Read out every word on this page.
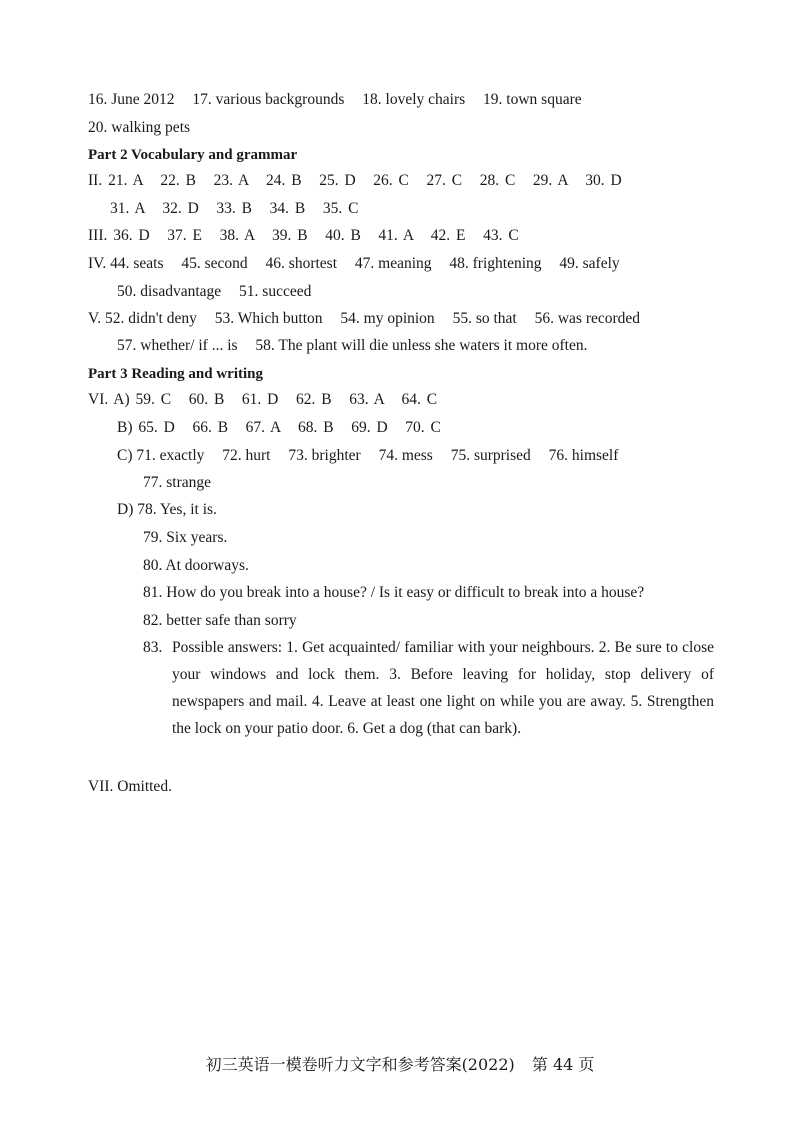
16. June 2012 17. various backgrounds 18. lovely chairs 19. town square
20. walking pets
Part 2 Vocabulary and grammar
II. 21. A   22. B   23. A   24. B   25. D   26. C   27. C   28. C   29. A   30. D
31. A   32. D   33. B   34. B   35. C
III. 36. D   37. E   38. A   39. B   40. B   41. A   42. E   43. C
IV. 44. seats 45. second 46. shortest 47. meaning 48. frightening 49. safely
50. disadvantage 51. succeed
V. 52. didn't deny 53. Which button 54. my opinion 55. so that 56. was recorded
57. whether/ if ... is 58. The plant will die unless she waters it more often.
Part 3 Reading and writing
VI. A) 59. C   60. B   61. D   62. B   63. A   64. C
B) 65. D   66. B   67. A   68. B   69. D   70. C
C) 71. exactly 72. hurt 73. brighter 74. mess 75. surprised 76. himself
77. strange
D) 78. Yes, it is.
79. Six years.
80. At doorways.
81. How do you break into a house? / Is it easy or difficult to break into a house?
82. better safe than sorry
83. Possible answers: 1. Get acquainted/ familiar with your neighbours. 2. Be sure to close your windows and lock them. 3. Before leaving for holiday, stop delivery of newspapers and mail. 4. Leave at least one light on while you are away. 5. Strengthen the lock on your patio door. 6. Get a dog (that can bark).
VII. Omitted.
初三英语一模卷听力文字和参考答案(2022) 第 44 页
